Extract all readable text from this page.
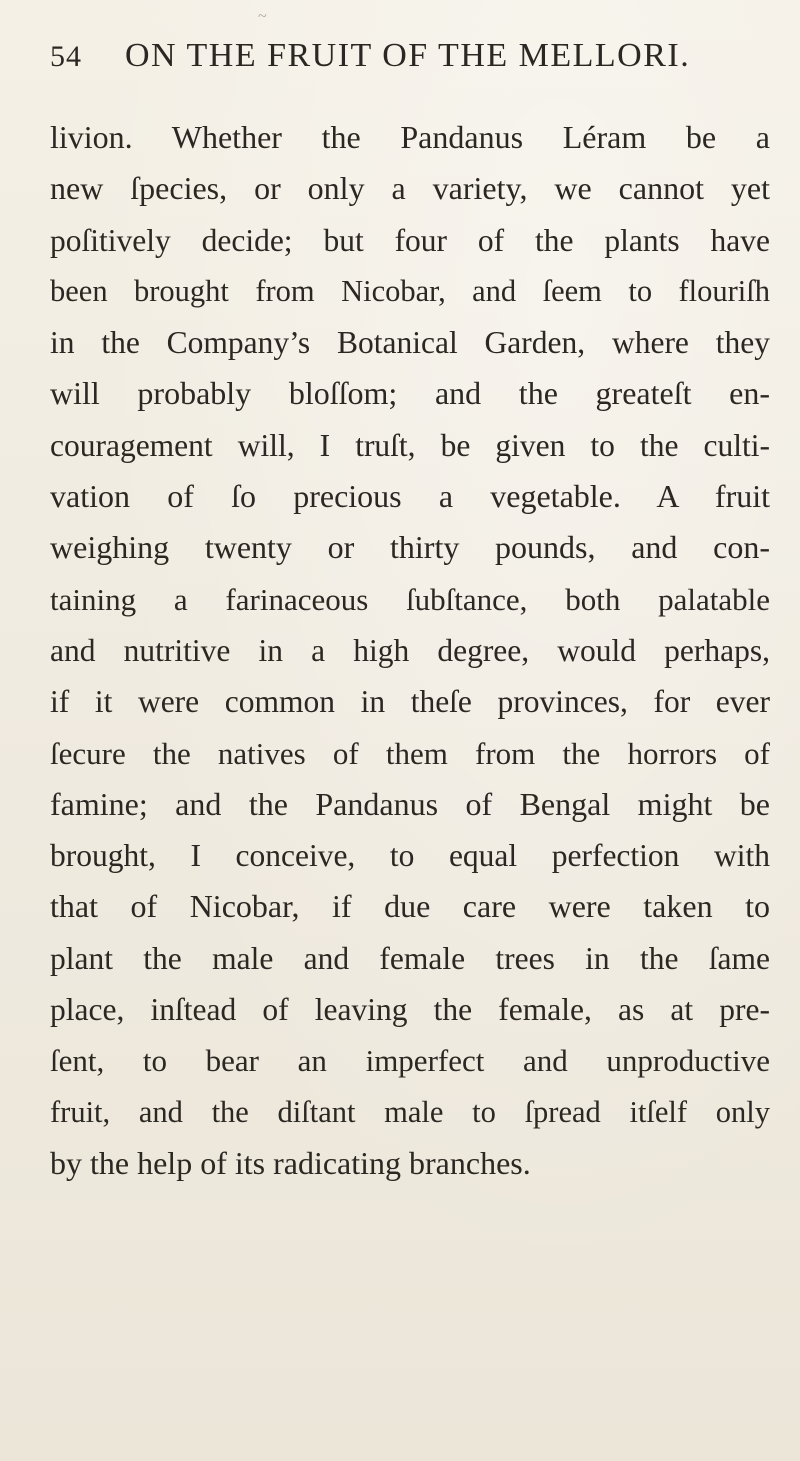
~
54 ON THE FRUIT OF THE MELLORI.
livion. Whether the Pandanus Léram be a
new ſpecies, or only a variety, we cannot yet
poſitively decide; but four of the plants have
been brought from Nicobar, and ſeem to flouriſh
in the Company’s Botanical Garden, where they
will probably bloſſom; and the greateſt en-
couragement will, I truſt, be given to the culti-
vation of ſo precious a vegetable. A fruit
weighing twenty or thirty pounds, and con-
taining a farinaceous ſubſtance, both palatable
and nutritive in a high degree, would perhaps,
if it were common in theſe provinces, for ever
ſecure the natives of them from the horrors of
famine; and the Pandanus of Bengal might be
brought, I conceive, to equal perfection with
that of Nicobar, if due care were taken to
plant the male and female trees in the ſame
place, inſtead of leaving the female, as at pre-
ſent, to bear an imperfect and unproductive
fruit, and the diſtant male to ſpread itſelf only
by the help of its radicating branches.
